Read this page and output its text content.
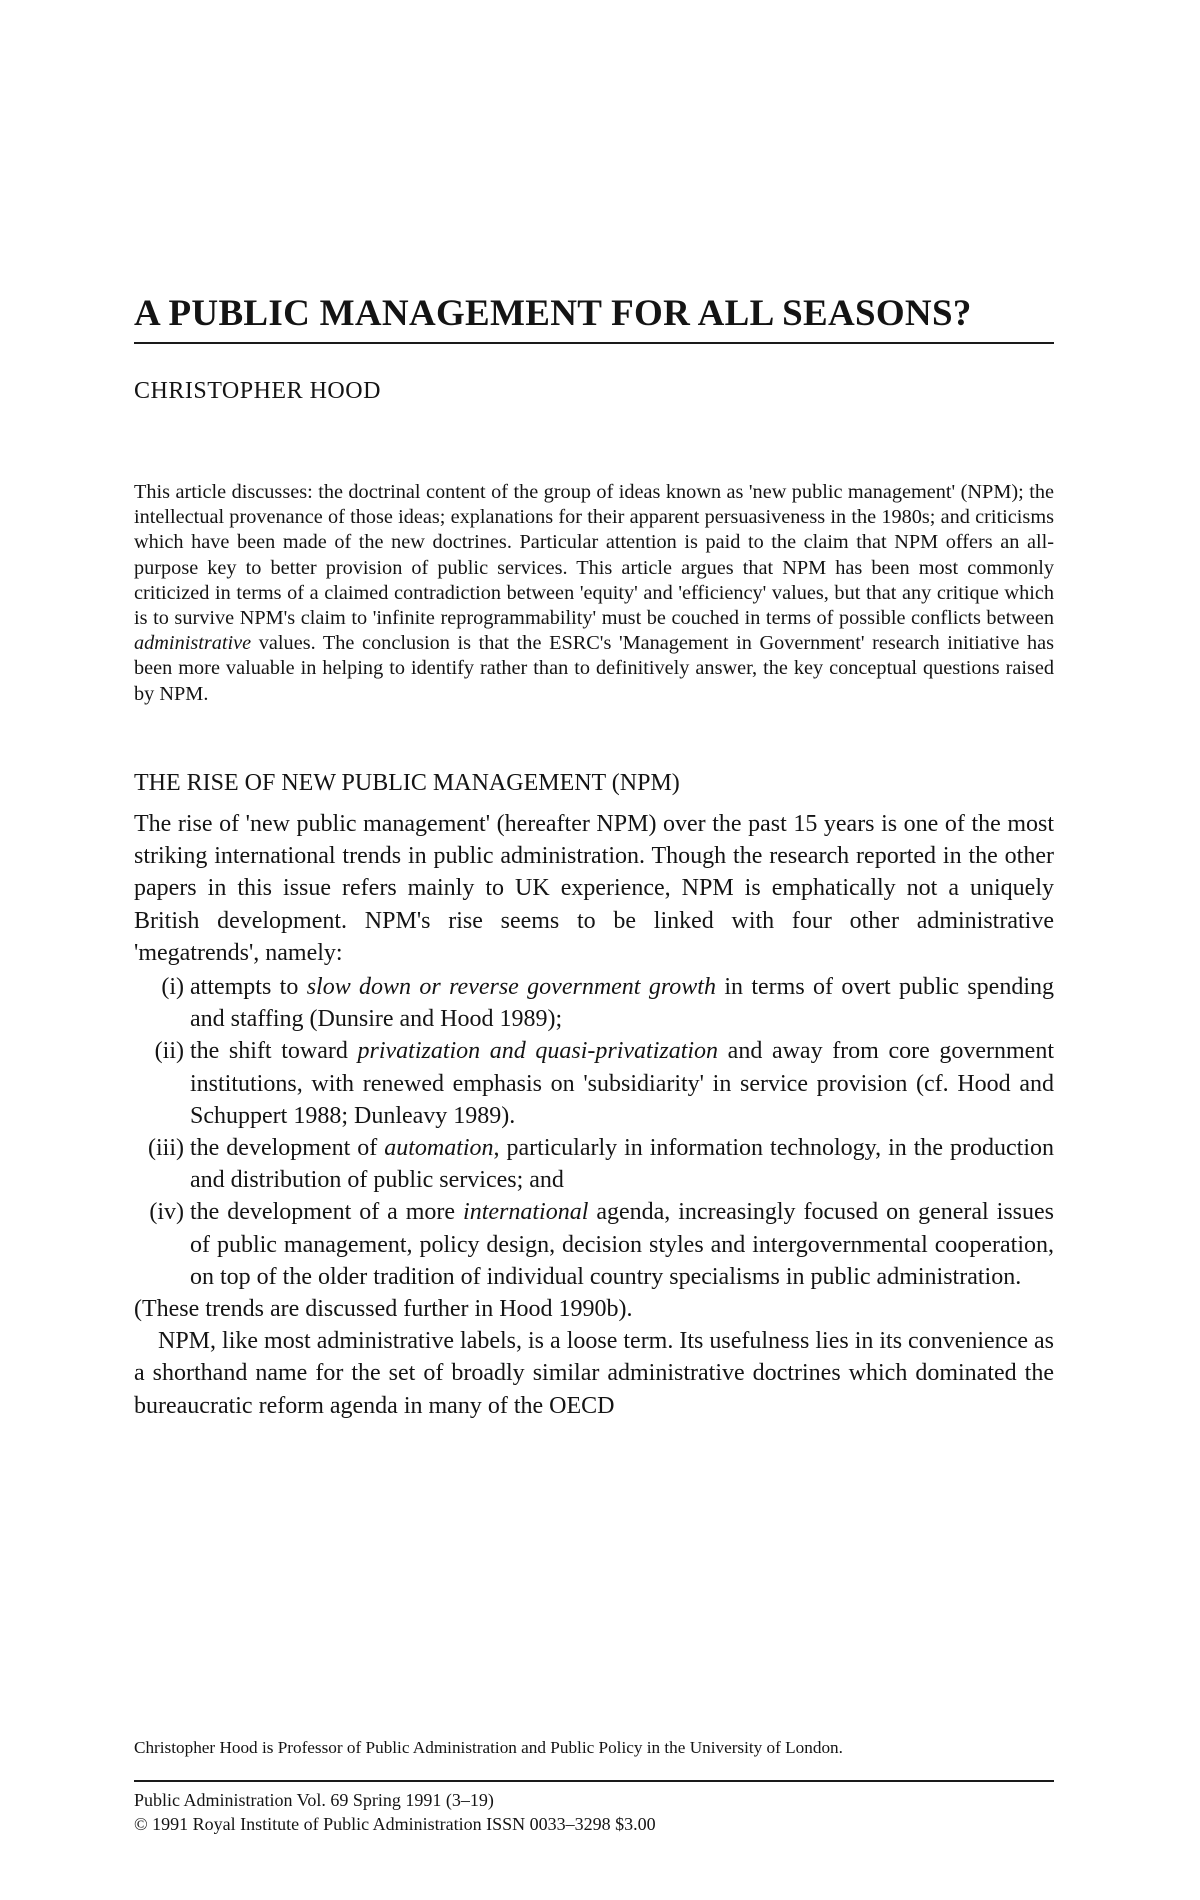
A PUBLIC MANAGEMENT FOR ALL SEASONS?
CHRISTOPHER HOOD

This article discusses: the doctrinal content of the group of ideas known as 'new public management' (NPM); the intellectual provenance of those ideas; explanations for their apparent persuasiveness in the 1980s; and criticisms which have been made of the new doctrines. Particular attention is paid to the claim that NPM offers an all-purpose key to better provision of public services. This article argues that NPM has been most commonly criticized in terms of a claimed contradiction between 'equity' and 'efficiency' values, but that any critique which is to survive NPM's claim to 'infinite reprogrammability' must be couched in terms of possible conflicts between administrative values. The conclusion is that the ESRC's 'Management in Government' research initiative has been more valuable in helping to identify rather than to definitively answer, the key conceptual questions raised by NPM.

THE RISE OF NEW PUBLIC MANAGEMENT (NPM)

The rise of 'new public management' (hereafter NPM) over the past 15 years is one of the most striking international trends in public administration. Though the research reported in the other papers in this issue refers mainly to UK experience, NPM is emphatically not a uniquely British development. NPM's rise seems to be linked with four other administrative 'megatrends', namely:

(i) attempts to slow down or reverse government growth in terms of overt public spending and staffing (Dunsire and Hood 1989);
(ii) the shift toward privatization and quasi-privatization and away from core government institutions, with renewed emphasis on 'subsidiarity' in service provision (cf. Hood and Schuppert 1988; Dunleavy 1989).
(iii) the development of automation, particularly in information technology, in the production and distribution of public services; and
(iv) the development of a more international agenda, increasingly focused on general issues of public management, policy design, decision styles and intergovernmental cooperation, on top of the older tradition of individual country specialisms in public administration.

(These trends are discussed further in Hood 1990b).

NPM, like most administrative labels, is a loose term. Its usefulness lies in its convenience as a shorthand name for the set of broadly similar administrative doctrines which dominated the bureaucratic reform agenda in many of the OECD

Christopher Hood is Professor of Public Administration and Public Policy in the University of London.
Public Administration Vol. 69 Spring 1991 (3–19)
© 1991 Royal Institute of Public Administration ISSN 0033–3298 $3.00
